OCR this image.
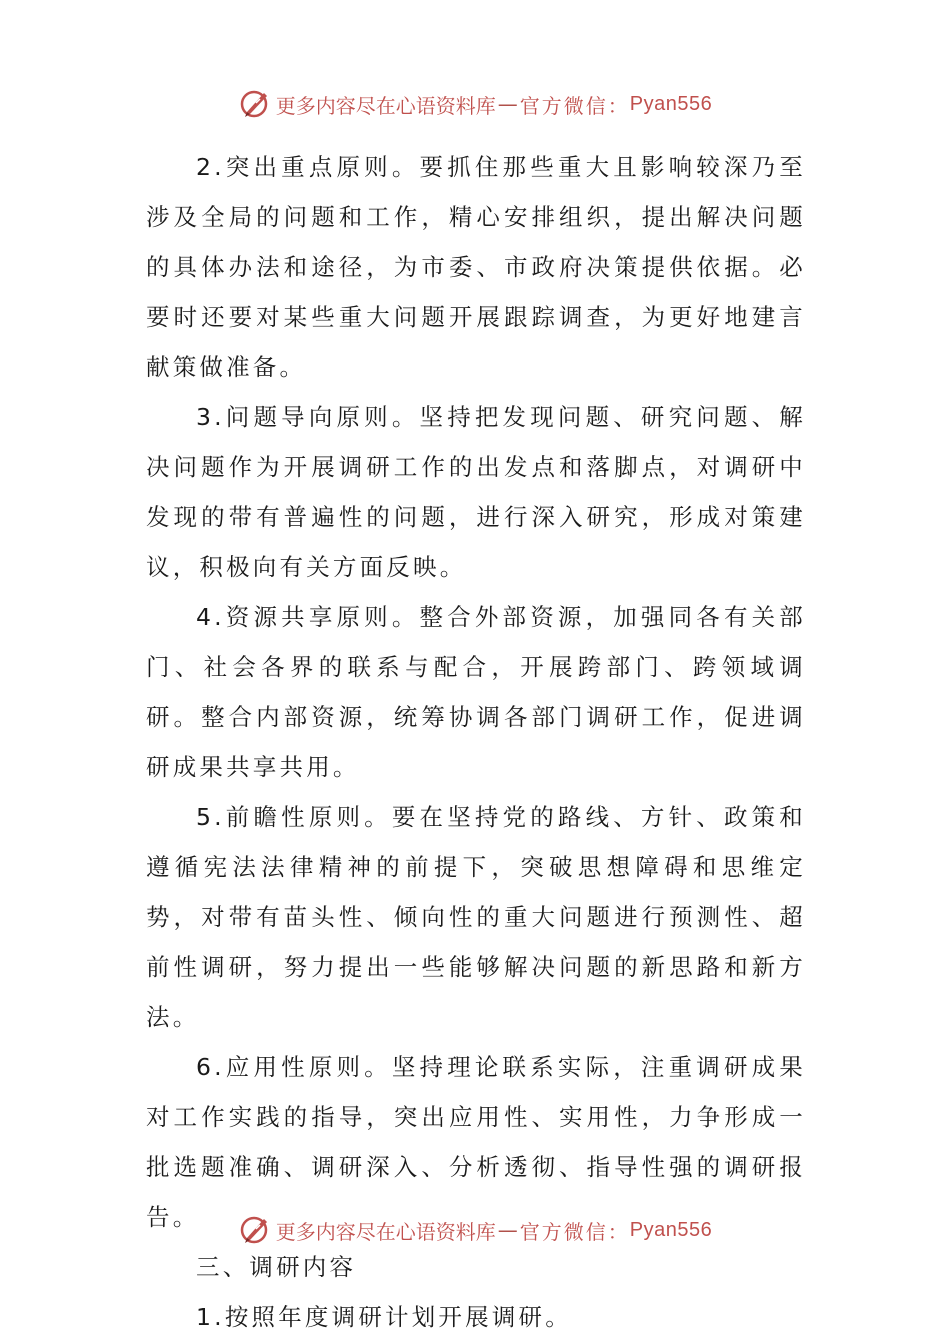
更多内容尽在心语资料库 — 官方微信： Pyan556

2.突出重点原则。要抓住那些重大且影响较深乃至涉及全局的问题和工作，精心安排组织，提出解决问题的具体办法和途径，为市委、市政府决策提供依据。必要时还要对某些重大问题开展跟踪调查，为更好地建言献策做准备。

3.问题导向原则。坚持把发现问题、研究问题、解决问题作为开展调研工作的出发点和落脚点，对调研中发现的带有普遍性的问题，进行深入研究，形成对策建议，积极向有关方面反映。

4.资源共享原则。整合外部资源，加强同各有关部门、社会各界的联系与配合，开展跨部门、跨领域调研。整合内部资源，统筹协调各部门调研工作，促进调研成果共享共用。

5.前瞻性原则。要在坚持党的路线、方针、政策和遵循宪法法律精神的前提下，突破思想障碍和思维定势，对带有苗头性、倾向性的重大问题进行预测性、超前性调研，努力提出一些能够解决问题的新思路和新方法。

6.应用性原则。坚持理论联系实际，注重调研成果对工作实践的指导，突出应用性、实用性，力争形成一批选题准确、调研深入、分析透彻、指导性强的调研报告。

三、调研内容

1.按照年度调研计划开展调研。

更多内容尽在心语资料库 — 官方微信： Pyan556
